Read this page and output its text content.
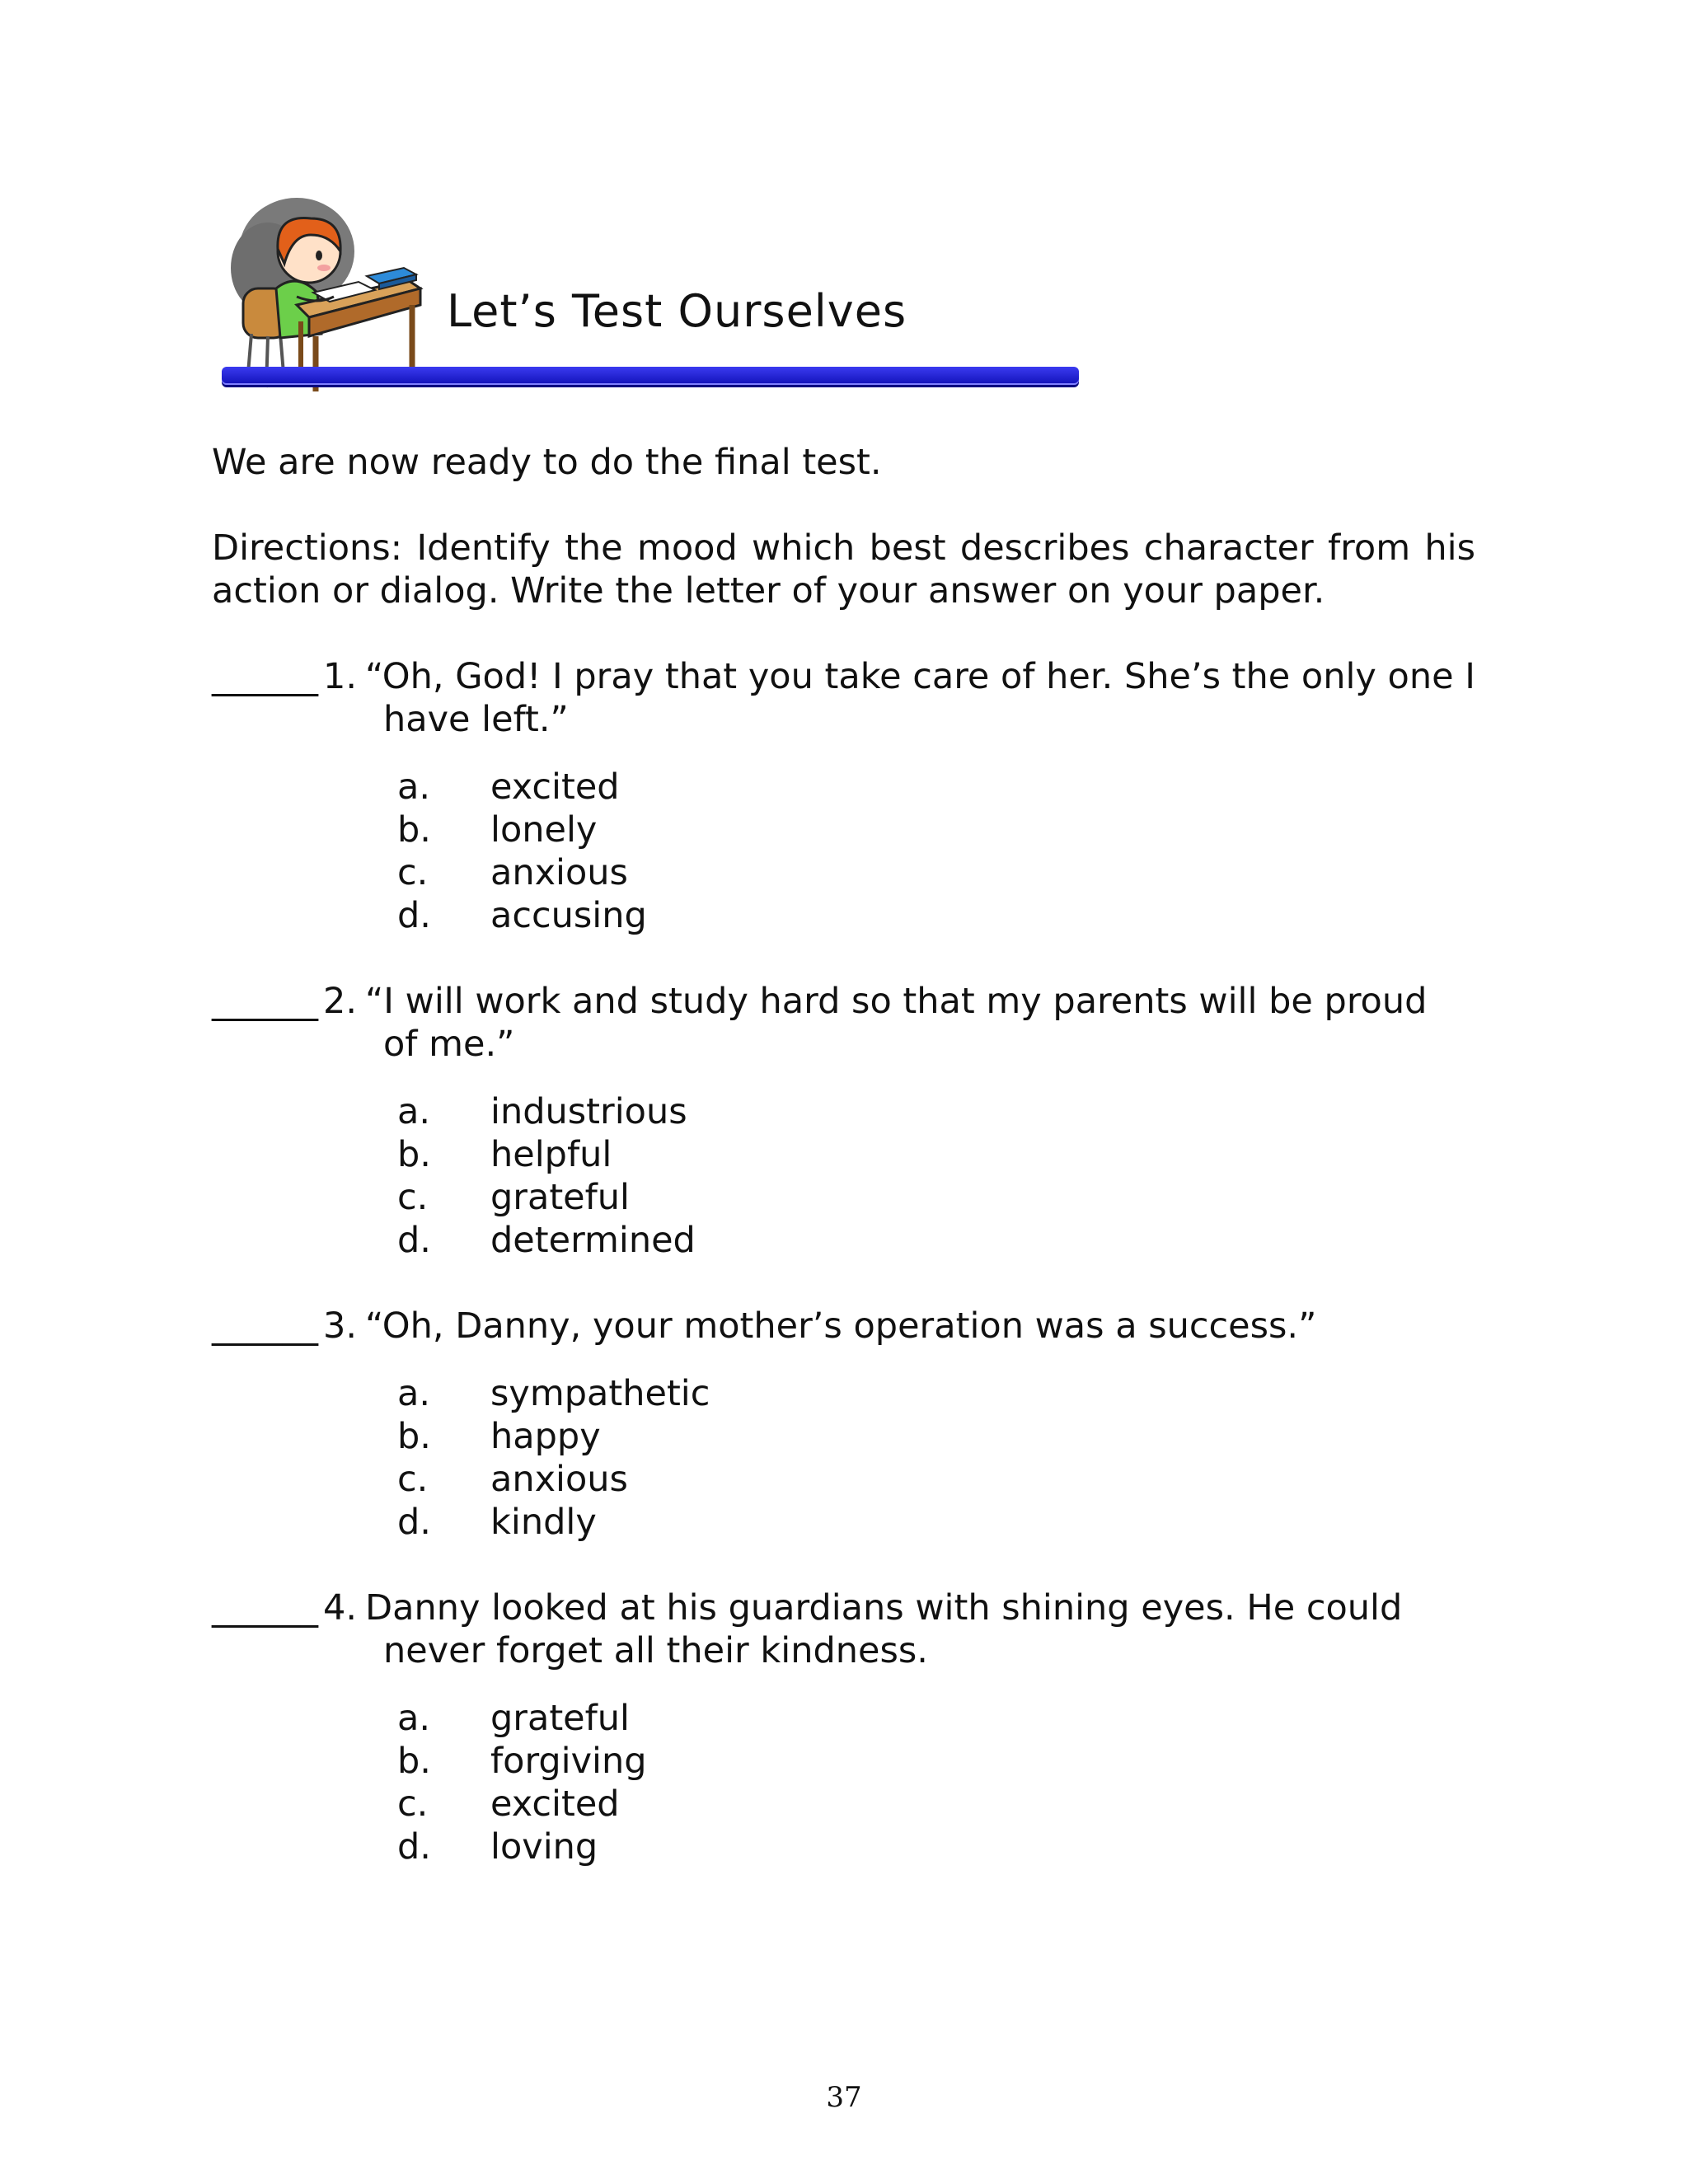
Let’s Test Ourselves
We are now ready to do the final test.
Directions: Identify the mood which best describes character from his action or dialog. Write the letter of your answer on your paper.
______ 1. “Oh, God! I pray that you take care of her. She’s the only one I
have left.”
a.	excited
b.	lonely
c.	anxious
d.	accusing
______ 2. “I will work and study hard so that my parents will be proud
of me.”
a.	industrious
b.	helpful
c.	grateful
d.	determined
______ 3. “Oh, Danny, your mother’s operation was a success.”
a.	sympathetic
b.	happy
c.	anxious
d.	kindly
______ 4. Danny looked at his guardians with shining eyes. He could
never forget all their kindness.
a.	grateful
b.	forgiving
c.	excited
d.	loving
37
